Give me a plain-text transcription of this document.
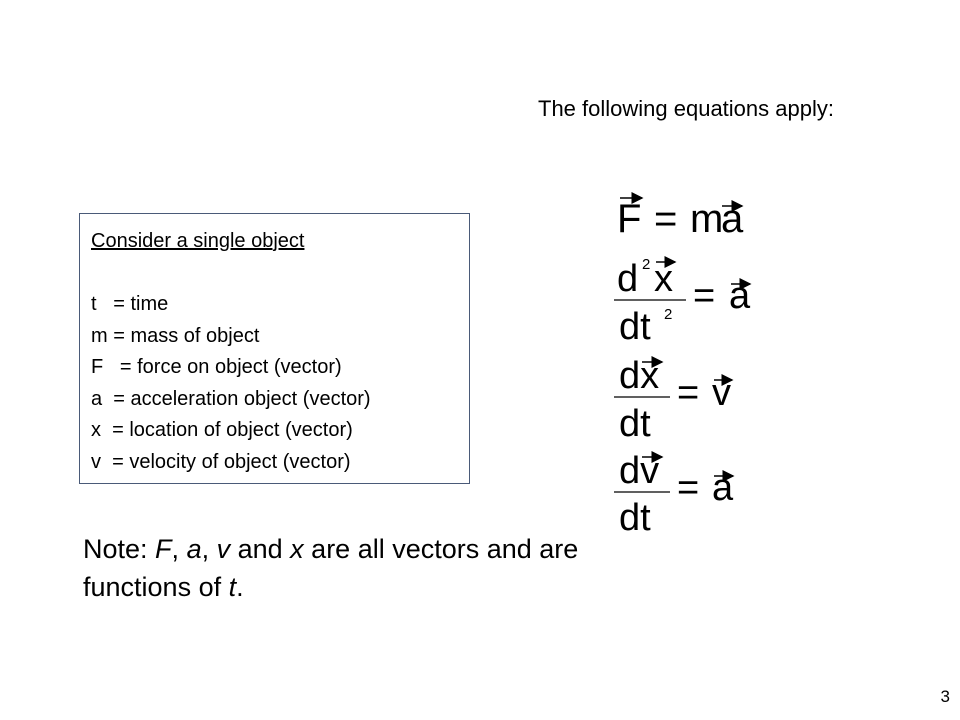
The following equations apply:
Consider a single object
t   = time
m = mass of object
F   = force on object (vector)
a  = acceleration object (vector)
x  = location of object (vector)
v  = velocity of object (vector)
Note: F, a, v and x are all vectors and are functions of t.
F = m
a
d 2 x
dt 2 = a
dx
dt
= v
dv
dt
= a
3
